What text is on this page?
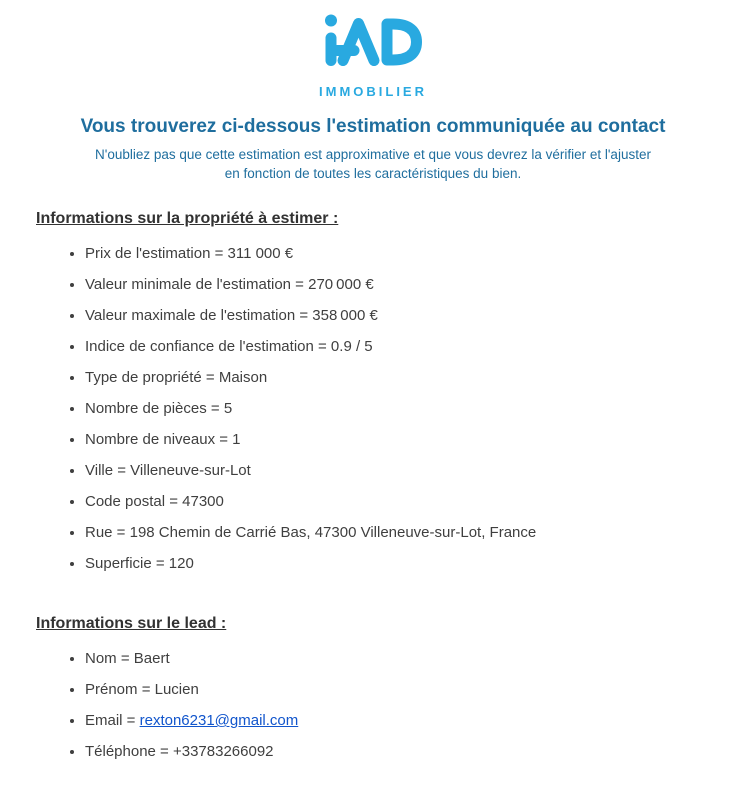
IMMOBILIER
Vous trouverez ci-dessous l'estimation communiquée au contact
N'oubliez pas que cette estimation est approximative et que vous devrez la vérifier et l'ajuster
en fonction de toutes les caractéristiques du bien.
Informations sur la propriété à estimer :
• Prix de l'estimation = 311 000 €
• Valeur minimale de l'estimation = 270 000 €
• Valeur maximale de l'estimation = 358 000 €
• Indice de confiance de l'estimation = 0.9 / 5
• Type de propriété = Maison
• Nombre de pièces = 5
• Nombre de niveaux = 1
• Ville = Villeneuve-sur-Lot
• Code postal = 47300
• Rue = 198 Chemin de Carrié Bas, 47300 Villeneuve-sur-Lot, France
• Superficie = 120
Informations sur le lead :
• Nom = Baert
• Prénom = Lucien
• Email = rexton6231@gmail.com
• Téléphone = +33783266092
